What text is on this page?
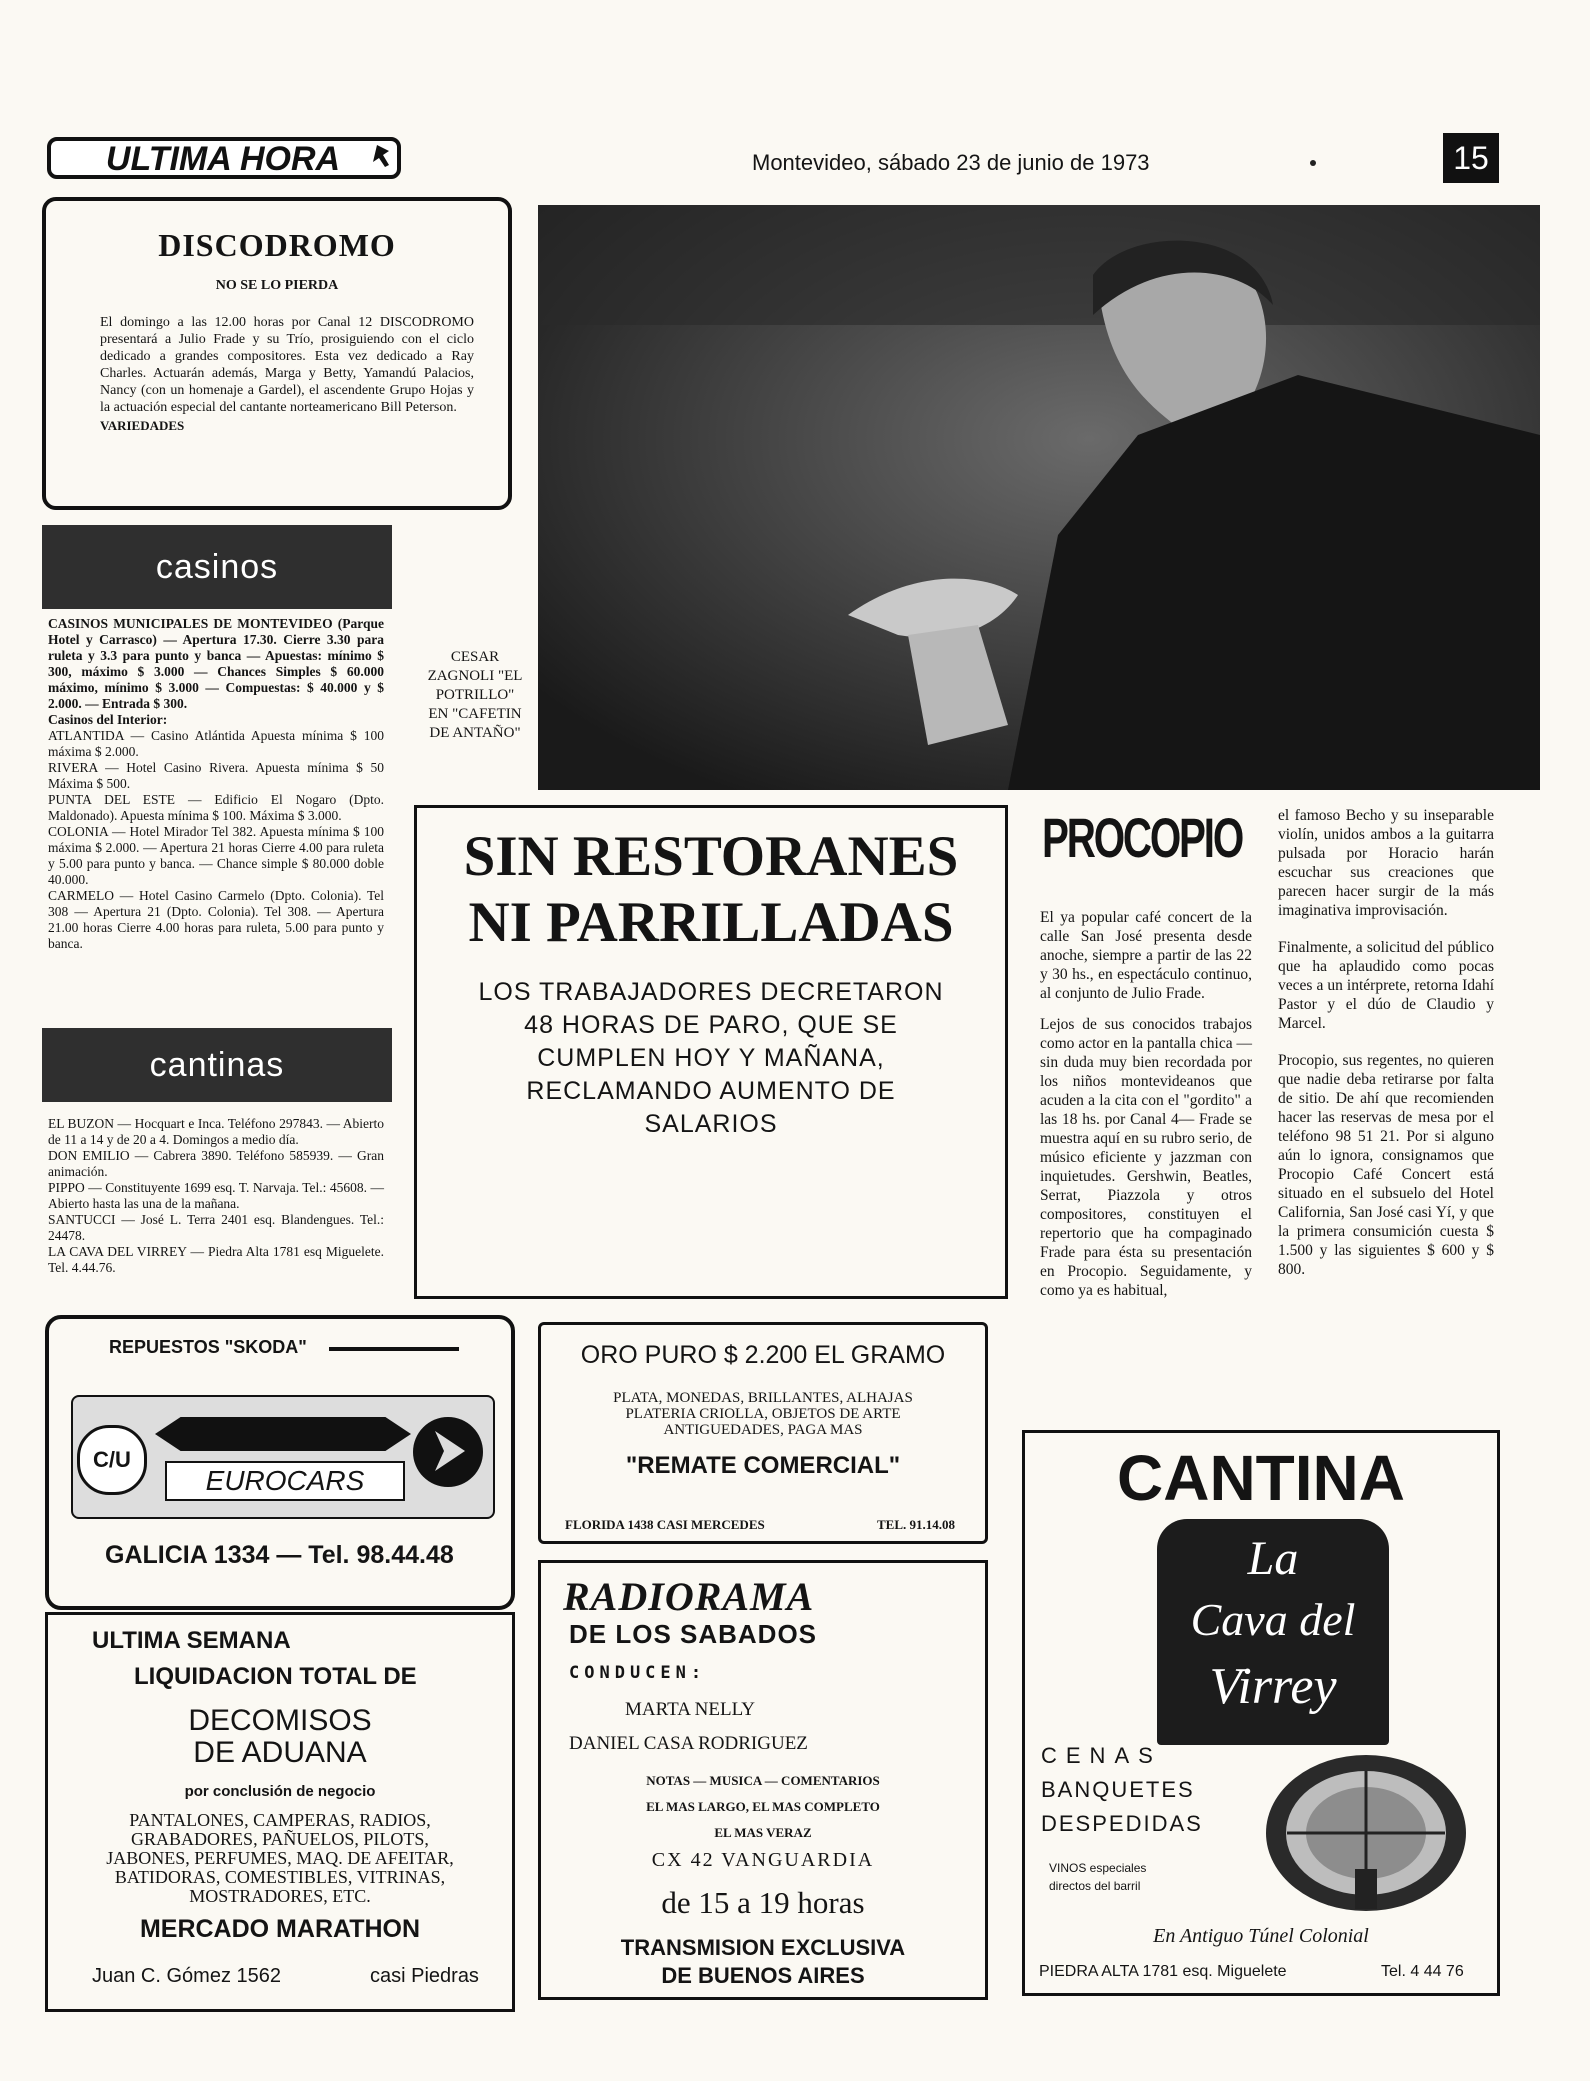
ULTIMA HORA	Montevideo, sábado 23 de junio de 1973	15
DISCODROMO
NO SE LO PIERDA
El domingo a las 12.00 horas por Canal 12 DISCODROMO presentará a Julio Frade y su Trío, prosiguiendo con el ciclo dedicado a grandes compositores. Esta vez dedicado a Ray Charles. Actuarán además, Marga y Betty, Yamandú Palacios, Nancy (con un homenaje a Gardel), el ascendente Grupo Hojas y la actuación especial del cantante norteamericano Bill Peterson.
VARIEDADES
casinos
CASINOS MUNICIPALES DE MONTEVIDEO (Parque Hotel y Carrasco) — Apertura 17.30. Cierre 3.30 para ruleta y 3.3 para punto y banca — Apuestas: mínimo $ 300, máximo $ 3.000 — Chances Simples $ 60.000 máximo, mínimo $ 3.000 — Compuestas: $ 40.000 y $ 2.000. — Entrada $ 300.
Casinos del Interior:
ATLANTIDA — Casino Atlántida Apuesta mínima $ 100 máxima $ 2.000.
RIVERA — Hotel Casino Rivera. Apuesta mínima $ 50 Máxima $ 500.
PUNTA DEL ESTE — Edificio El Nogaro (Dpto. Maldonado). Apuesta mínima $ 100. Máxima $ 3.000.
COLONIA — Hotel Mirador Tel 382. Apuesta mínima $ 100 máxima $ 2.000. — Apertura 21 horas Cierre 4.00 para ruleta y 5.00 para punto y banca. — Chance simple $ 80.000 doble 40.000.
CARMELO — Hotel Casino Carmelo (Dpto. Colonia). Tel 308 — Apertura 21 (Dpto. Colonia). Tel 308. — Apertura 21.00 horas Cierre 4.00 horas para ruleta, 5.00 para punto y banca.
cantinas
EL BUZON — Hocquart e Inca. Teléfono 297843. — Abierto de 11 a 14 y de 20 a 4. Domingos a medio día.
DON EMILIO — Cabrera 3890. Teléfono 585939. — Gran animación.
PIPPO — Constituyente 1699 esq. T. Narvaja. Tel.: 45608. — Abierto hasta las una de la mañana.
SANTUCCI — José L. Terra 2401 esq. Blandengues. Tel.: 24478.
LA CAVA DEL VIRREY — Piedra Alta 1781 esq Miguelete. Tel. 4.44.76.
CESAR ZAGNOLI "EL POTRILLO" EN "CAFETIN DE ANTAÑO"
SIN RESTORANES NI PARRILLADAS
LOS TRABAJADORES DECRETARON 48 HORAS DE PARO, QUE SE CUMPLEN HOY Y MAÑANA, RECLAMANDO AUMENTO DE SALARIOS
PROCOPIO

El ya popular café concert de la calle San José presenta desde anoche, siempre a partir de las 22 y 30 hs., en espectáculo continuo, al conjunto de Julio Frade.

Lejos de sus conocidos trabajos como actor en la pantalla chica —sin duda muy bien recordada por los niños montevideanos que acuden a la cita con el "gordito" a las 18 hs. por Canal 4— Frade se muestra aquí en su rubro serio, de músico eficiente y jazzman con inquietudes. Gershwin, Beatles, Serrat, Piazzola y otros compositores, constituyen el repertorio que ha compaginado Frade para ésta su presentación en Procopio. Seguidamente, y como ya es habitual,

el famoso Becho y su inseparable violín, unidos ambos a la guitarra pulsada por Horacio harán escuchar sus creaciones que parecen hacer surgir de la más imaginativa improvisación.

Finalmente, a solicitud del público que ha aplaudido como pocas veces a un intérprete, retorna Idahí Pastor y el dúo de Claudio y Marcel.

Procopio, sus regentes, no quieren que nadie deba retirarse por falta de sitio. De ahí que recomienden hacer las reservas de mesa por el teléfono 98 51 21. Por si alguno aún lo ignora, consignamos que Procopio Café Concert está situado en el subsuelo del Hotel California, San José casi Yí, y que la primera consumición cuesta $ 1.500 y las siguientes $ 600 y $ 800.

REPUESTOS "SKODA"
C/U
EUROCARS
GALICIA 1334 — Tel. 98.44.48
ORO PURO $ 2.200 EL GRAMO
PLATA, MONEDAS, BRILLANTES, ALHAJAS PLATERIA CRIOLLA, OBJETOS DE ARTE ANTIGUEDADES, PAGA MAS
"REMATE COMERCIAL"
FLORIDA 1438 CASI MERCEDES	TEL. 91.14.08
ULTIMA SEMANA
LIQUIDACION TOTAL DE
DECOMISOS
DE ADUANA
por conclusión de negocio
PANTALONES, CAMPERAS, RADIOS, GRABADORES, PAÑUELOS, PILOTS, JABONES, PERFUMES, MAQ. DE AFEITAR, BATIDORAS, COMESTIBLES, VITRINAS, MOSTRADORES, ETC.
MERCADO MARATHON
Juan C. Gómez 1562	casi Piedras
RADIORAMA
DE LOS SABADOS
CONDUCEN:
MARTA NELLY
DANIEL CASA RODRIGUEZ
NOTAS — MUSICA — COMENTARIOS
EL MAS LARGO, EL MAS COMPLETO
EL MAS VERAZ
CX 42 VANGUARDIA
de 15 a 19 horas
TRANSMISION EXCLUSIVA
DE BUENOS AIRES
CANTINA
La
Cava del
Virrey
CENAS
BANQUETES
DESPEDIDAS
VINOS especiales
directos del barril
En Antiguo Túnel Colonial
PIEDRA ALTA 1781 esq. Miguelete	Tel. 4 44 76
